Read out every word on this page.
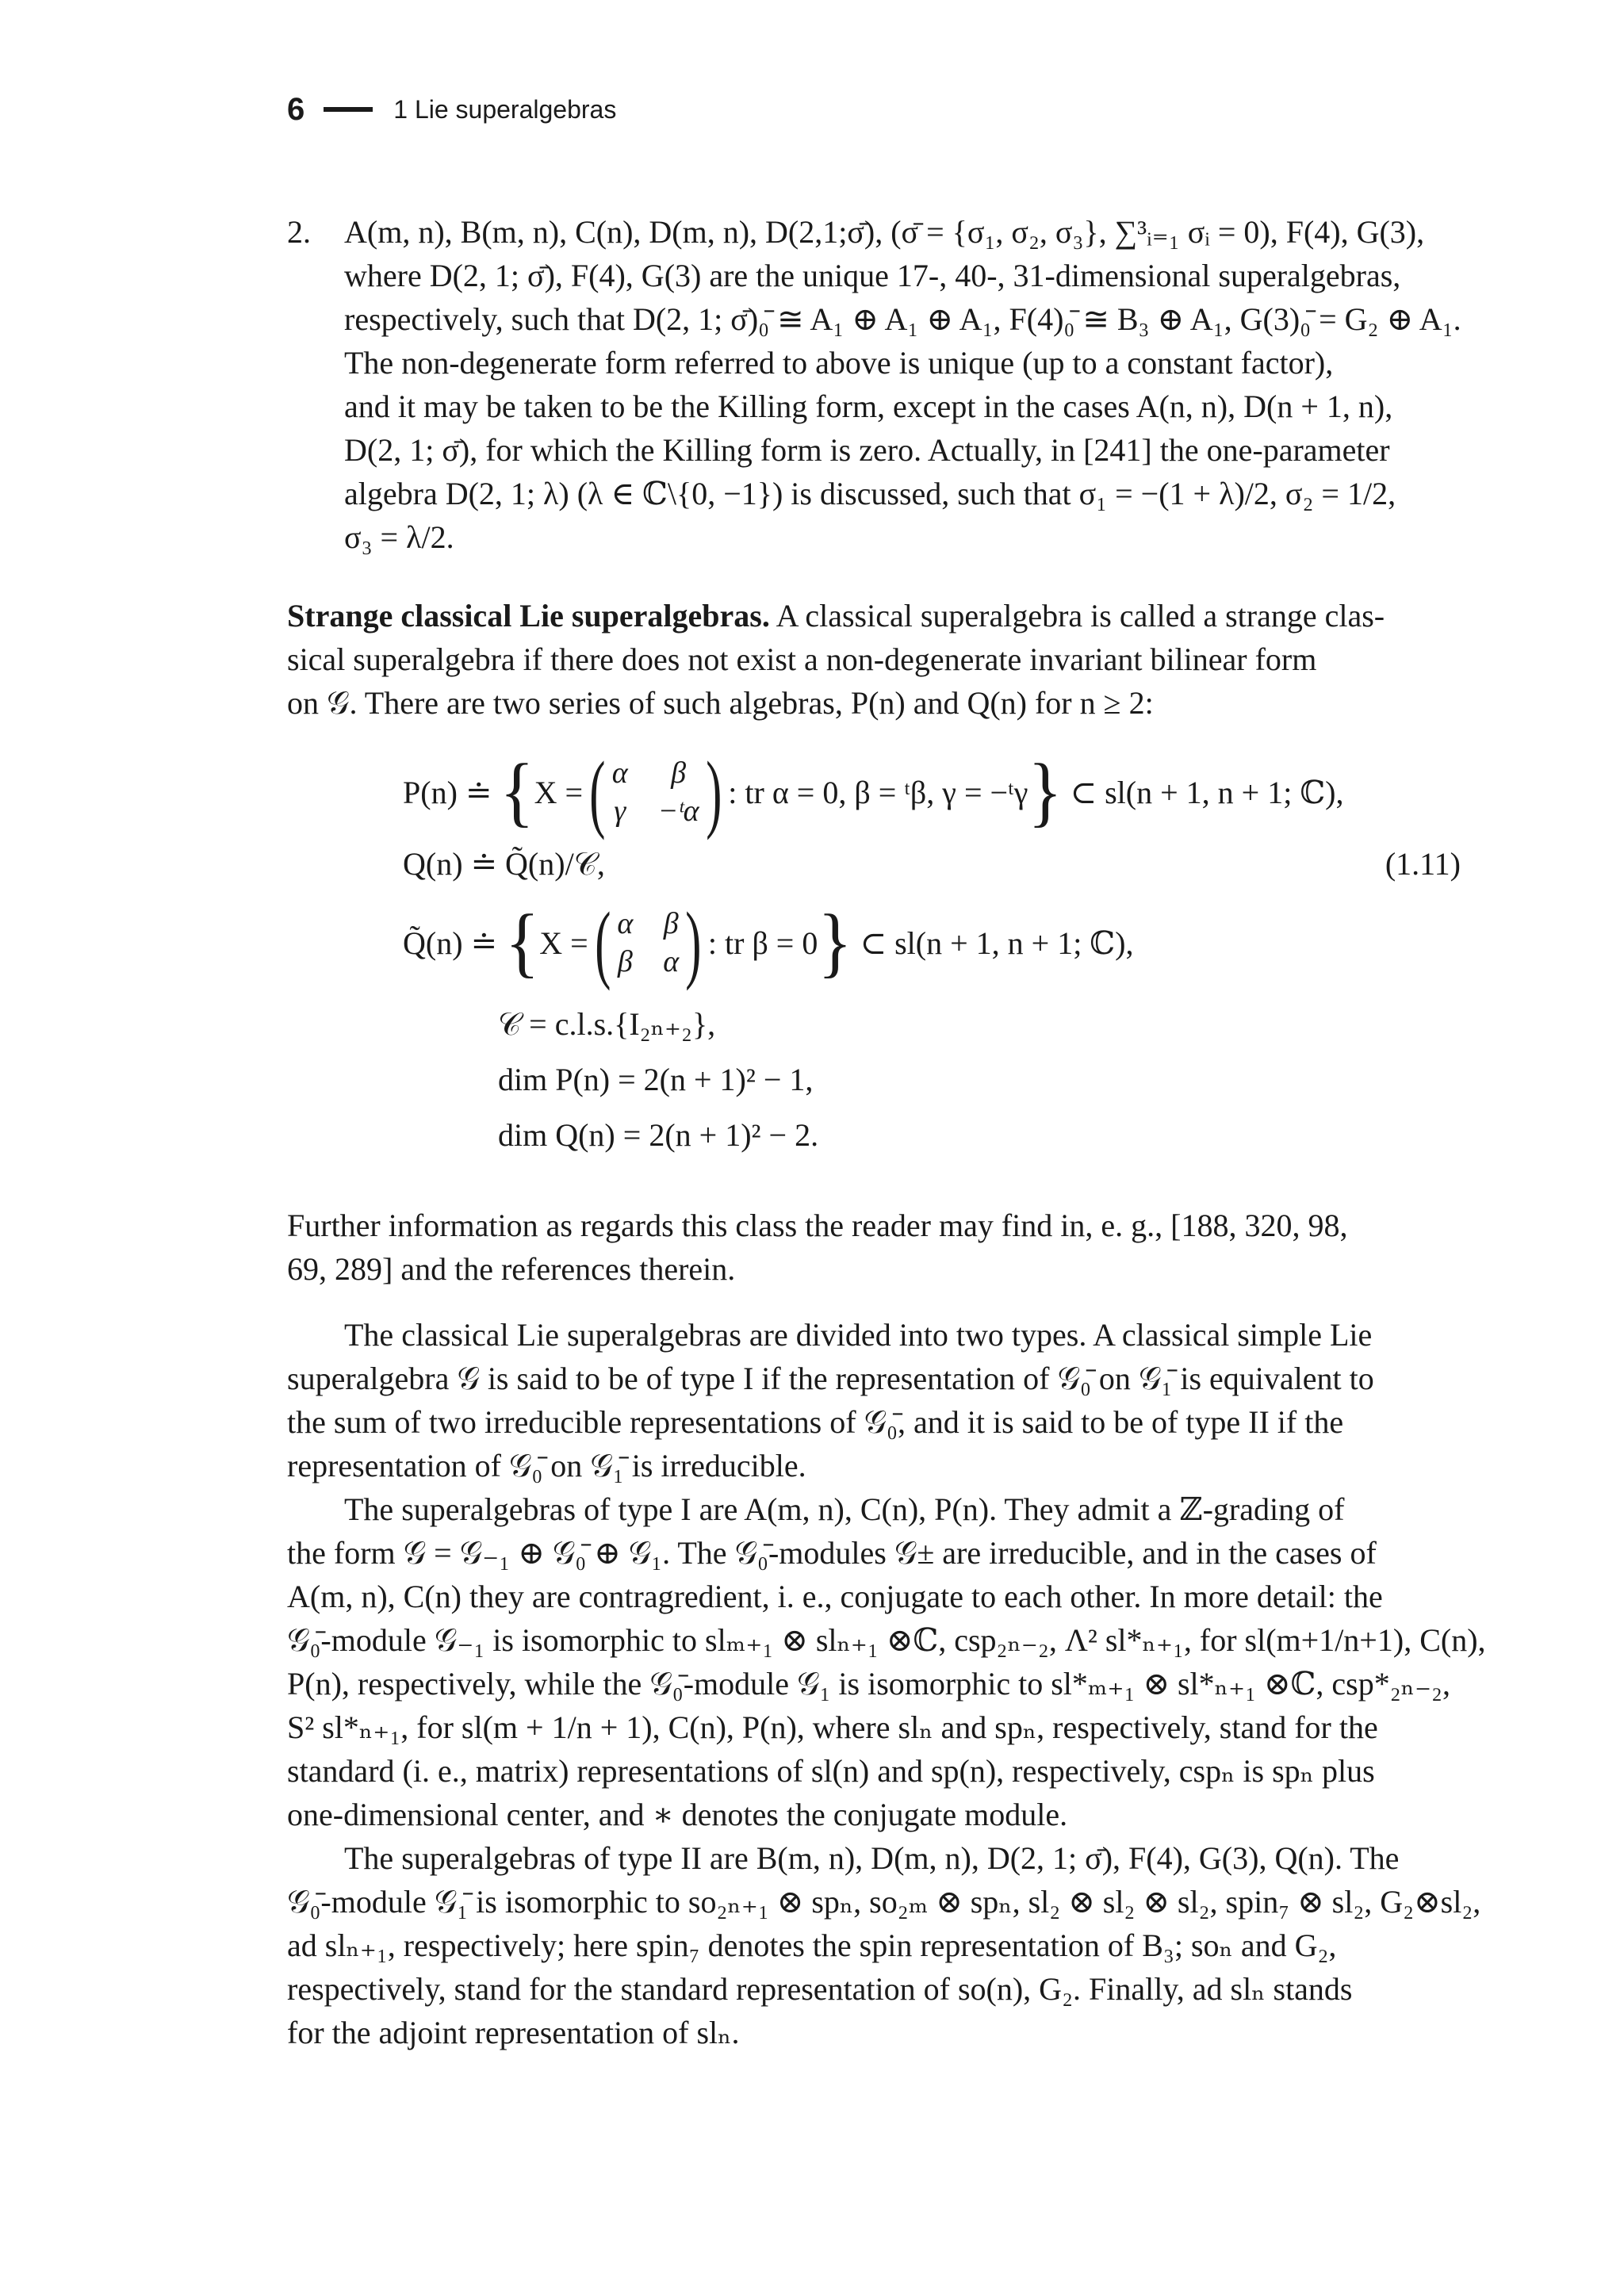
6	1 Lie superalgebras

2. A(m, n), B(m, n), C(n), D(m, n), D(2,1;σ̄), (σ̄ = {σ₁, σ₂, σ₃}, ∑³ᵢ₌₁ σᵢ = 0), F(4), G(3),
where D(2, 1; σ̄), F(4), G(3) are the unique 17-, 40-, 31-dimensional superalgebras,
respectively, such that D(2, 1; σ̄)₀̄ ≅ A₁ ⊕ A₁ ⊕ A₁, F(4)₀̄ ≅ B₃ ⊕ A₁, G(3)₀̄ = G₂ ⊕ A₁.
The non-degenerate form referred to above is unique (up to a constant factor),
and it may be taken to be the Killing form, except in the cases A(n, n), D(n + 1, n),
D(2, 1; σ̄), for which the Killing form is zero. Actually, in [241] the one-parameter
algebra D(2, 1; λ) (λ ∈ ℂ\{0, −1}) is discussed, such that σ₁ = −(1 + λ)/2, σ₂ = 1/2,
σ₃ = λ/2.

Strange classical Lie superalgebras. A classical superalgebra is called a strange clas-
sical superalgebra if there does not exist a non-degenerate invariant bilinear form
on 𝒢. There are two series of such algebras, P(n) and Q(n) for n ≥ 2:

P(n) ≐
{ X = ( α	β
γ −ᵗα ) : tr α = 0, β = ᵗβ, γ = −ᵗγ }
⊂ sl(n + 1, n + 1; ℂ),
Q(n) ≐ Q̃(n)/𝒞,	(1.11)
Q̃(n) ≐
{ X = ( α β
β α ) : tr β = 0 }
⊂ sl(n + 1, n + 1; ℂ),
𝒞 = c.l.s.{I₂ₙ₊₂},
dim P(n) = 2(n + 1)² − 1,
dim Q(n) = 2(n + 1)² − 2.

Further information as regards this class the reader may find in, e. g., [188, 320, 98,
69, 289] and the references therein.

The classical Lie superalgebras are divided into two types. A classical simple Lie
superalgebra 𝒢 is said to be of type I if the representation of 𝒢₀̄ on 𝒢₁̄ is equivalent to
the sum of two irreducible representations of 𝒢₀̄, and it is said to be of type II if the
representation of 𝒢₀̄ on 𝒢₁̄ is irreducible.

The superalgebras of type I are A(m, n), C(n), P(n). They admit a ℤ-grading of
the form 𝒢 = 𝒢₋₁ ⊕ 𝒢₀̄ ⊕ 𝒢₁. The 𝒢₀̄-modules 𝒢± are irreducible, and in the cases of
A(m, n), C(n) they are contragredient, i. e., conjugate to each other. In more detail: the
𝒢₀̄-module 𝒢₋₁ is isomorphic to slₘ₊₁ ⊗ slₙ₊₁ ⊗ℂ, csp₂ₙ₋₂, Λ² sl*ₙ₊₁, for sl(m+1/n+1), C(n),
P(n), respectively, while the 𝒢₀̄-module 𝒢₁ is isomorphic to sl*ₘ₊₁ ⊗ sl*ₙ₊₁ ⊗ℂ, csp*₂ₙ₋₂,
S² sl*ₙ₊₁, for sl(m + 1/n + 1), C(n), P(n), where slₙ and spₙ, respectively, stand for the
standard (i. e., matrix) representations of sl(n) and sp(n), respectively, cspₙ is spₙ plus
one-dimensional center, and ∗ denotes the conjugate module.

The superalgebras of type II are B(m, n), D(m, n), D(2, 1; σ̄), F(4), G(3), Q(n). The
𝒢₀̄-module 𝒢₁̄ is isomorphic to so₂ₙ₊₁ ⊗ spₙ, so₂ₘ ⊗ spₙ, sl₂ ⊗ sl₂ ⊗ sl₂, spin₇ ⊗ sl₂, G₂⊗sl₂,
ad slₙ₊₁, respectively; here spin₇ denotes the spin representation of B₃; soₙ and G₂,
respectively, stand for the standard representation of so(n), G₂. Finally, ad slₙ stands
for the adjoint representation of slₙ.
